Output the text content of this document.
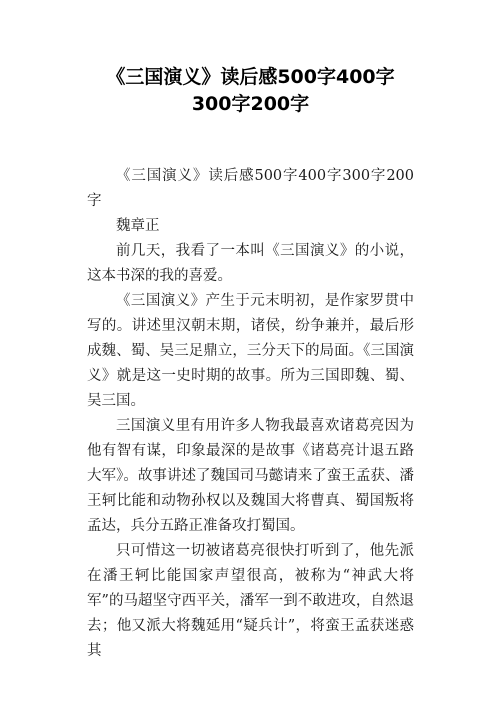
《三国演义》读后感500字400字
300字200字

《三国演义》读后感500字400字300字200字

魏章正

前几天，我看了一本叫《三国演义》的小说，这本书深的我的喜爱。

《三国演义》产生于元末明初，是作家罗贯中写的。讲述里汉朝末期，诸侯，纷争兼并，最后形成魏、蜀、吴三足鼎立，三分天下的局面。《三国演义》就是这一史时期的故事。所为三国即魏、蜀、吴三国。

三国演义里有用许多人物我最喜欢诸葛亮因为他有智有谋，印象最深的是故事《诸葛亮计退五路大军》。故事讲述了魏国司马懿请来了蛮王孟获、潘王轲比能和动物孙权以及魏国大将曹真、蜀国叛将孟达，兵分五路正准备攻打蜀国。

只可惜这一切被诸葛亮很快打听到了，他先派在潘王轲比能国家声望很高，被称为“神武大将军”的马超坚守西平关，潘军一到不敢进攻，自然退去；他又派大将魏延用“疑兵计”，将蛮王孟获迷惑其
